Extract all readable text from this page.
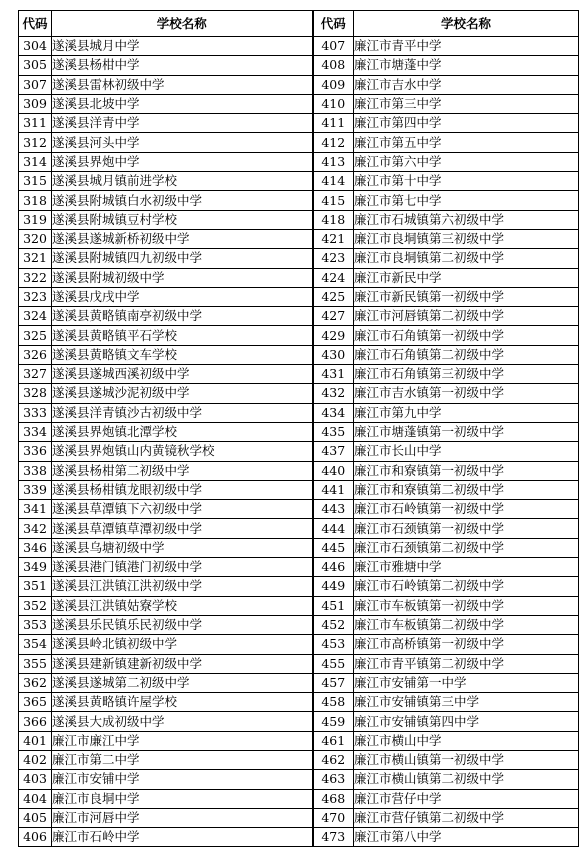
代码	学校名称	代码	学校名称
304	遂溪县城月中学	407	廉江市青平中学
305	遂溪县杨柑中学	408	廉江市塘蓬中学
307	遂溪县雷林初级中学	409	廉江市吉水中学
309	遂溪县北坡中学	410	廉江市第三中学
311	遂溪县洋青中学	411	廉江市第四中学
312	遂溪县河头中学	412	廉江市第五中学
314	遂溪县界炮中学	413	廉江市第六中学
315	遂溪县城月镇前进学校	414	廉江市第十中学
318	遂溪县附城镇白水初级中学	415	廉江市第七中学
319	遂溪县附城镇豆村学校	418	廉江市石城镇第六初级中学
320	遂溪县遂城新桥初级中学	421	廉江市良垌镇第三初级中学
321	遂溪县附城镇四九初级中学	423	廉江市良垌镇第二初级中学
322	遂溪县附城初级中学	424	廉江市新民中学
323	遂溪县戊戌中学	425	廉江市新民镇第一初级中学
324	遂溪县黄略镇南亭初级中学	427	廉江市河唇镇第二初级中学
325	遂溪县黄略镇平石学校	429	廉江市石角镇第一初级中学
326	遂溪县黄略镇文车学校	430	廉江市石角镇第二初级中学
327	遂溪县遂城西溪初级中学	431	廉江市石角镇第三初级中学
328	遂溪县遂城沙泥初级中学	432	廉江市吉水镇第一初级中学
333	遂溪县洋青镇沙古初级中学	434	廉江市第九中学
334	遂溪县界炮镇北潭学校	435	廉江市塘蓬镇第一初级中学
336	遂溪县界炮镇山内黄镜秋学校	437	廉江市长山中学
338	遂溪县杨柑第二初级中学	440	廉江市和寮镇第一初级中学
339	遂溪县杨柑镇龙眼初级中学	441	廉江市和寮镇第二初级中学
341	遂溪县草潭镇下六初级中学	443	廉江市石岭镇第一初级中学
342	遂溪县草潭镇草潭初级中学	444	廉江市石颈镇第一初级中学
346	遂溪县乌塘初级中学	445	廉江市石颈镇第二初级中学
349	遂溪县港门镇港门初级中学	446	廉江市雅塘中学
351	遂溪县江洪镇江洪初级中学	449	廉江市石岭镇第二初级中学
352	遂溪县江洪镇姑寮学校	451	廉江市车板镇第一初级中学
353	遂溪县乐民镇乐民初级中学	452	廉江市车板镇第二初级中学
354	遂溪县岭北镇初级中学	453	廉江市高桥镇第一初级中学
355	遂溪县建新镇建新初级中学	455	廉江市青平镇第二初级中学
362	遂溪县遂城第二初级中学	457	廉江市安铺第一中学
365	遂溪县黄略镇许屋学校	458	廉江市安铺镇第三中学
366	遂溪县大成初级中学	459	廉江市安铺镇第四中学
401	廉江市廉江中学	461	廉江市横山中学
402	廉江市第二中学	462	廉江市横山镇第一初级中学
403	廉江市安铺中学	463	廉江市横山镇第二初级中学
404	廉江市良垌中学	468	廉江市营仔中学
405	廉江市河唇中学	470	廉江市营仔镇第二初级中学
406	廉江市石岭中学	473	廉江市第八中学
